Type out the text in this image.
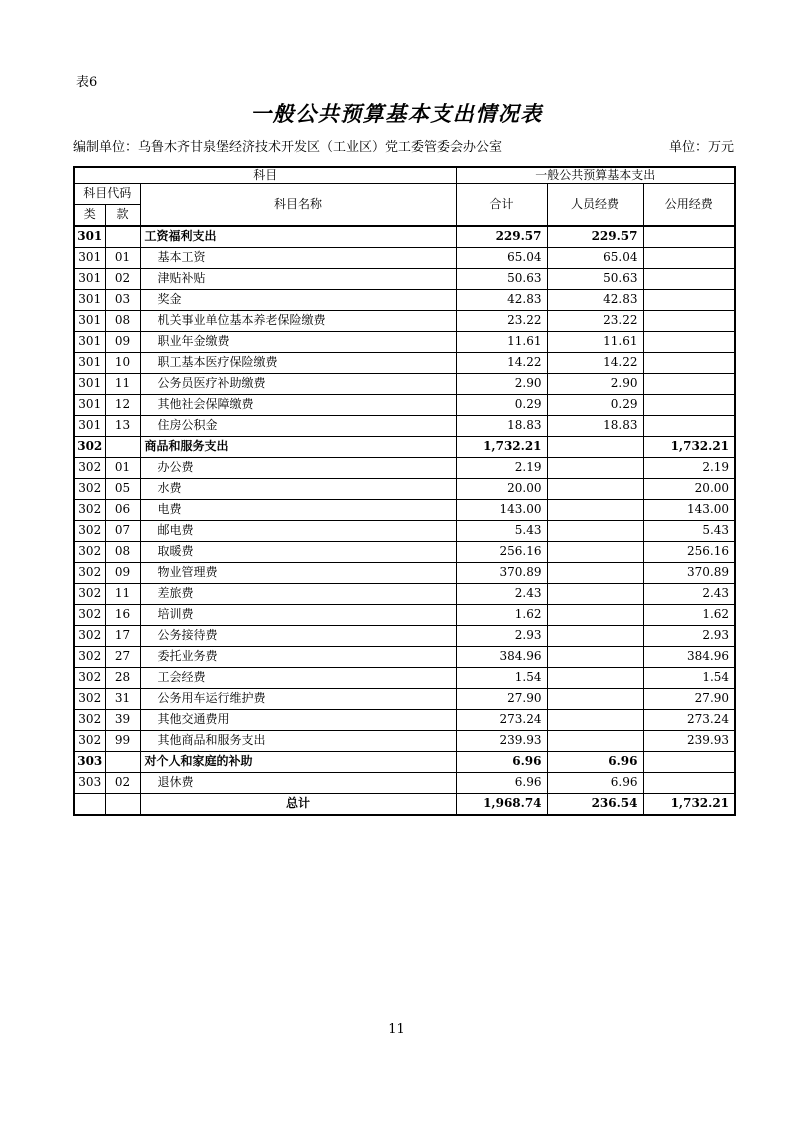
表6
一般公共预算基本支出情况表
编制单位：乌鲁木齐甘泉堡经济技术开发区（工业区）党工委管委会办公室	单位：万元
科目			一般公共预算基本支出		
科目代码		科目名称	合计	人员经费	公用经费
类	款				
301		工资福利支出	229.57	229.57	
301	01	基本工资	65.04	65.04	
301	02	津贴补贴	50.63	50.63	
301	03	奖金	42.83	42.83	
301	08	机关事业单位基本养老保险缴费	23.22	23.22	
301	09	职业年金缴费	11.61	11.61	
301	10	职工基本医疗保险缴费	14.22	14.22	
301	11	公务员医疗补助缴费	2.90	2.90	
301	12	其他社会保障缴费	0.29	0.29	
301	13	住房公积金	18.83	18.83	
302		商品和服务支出	1,732.21		1,732.21
302	01	办公费	2.19		2.19
302	05	水费	20.00		20.00
302	06	电费	143.00		143.00
302	07	邮电费	5.43		5.43
302	08	取暖费	256.16		256.16
302	09	物业管理费	370.89		370.89
302	11	差旅费	2.43		2.43
302	16	培训费	1.62		1.62
302	17	公务接待费	2.93		2.93
302	27	委托业务费	384.96		384.96
302	28	工会经费	1.54		1.54
302	31	公务用车运行维护费	27.90		27.90
302	39	其他交通费用	273.24		273.24
302	99	其他商品和服务支出	239.93		239.93
303		对个人和家庭的补助	6.96	6.96	
303	02	退休费	6.96	6.96	
		总计	1,968.74	236.54	1,732.21
11
